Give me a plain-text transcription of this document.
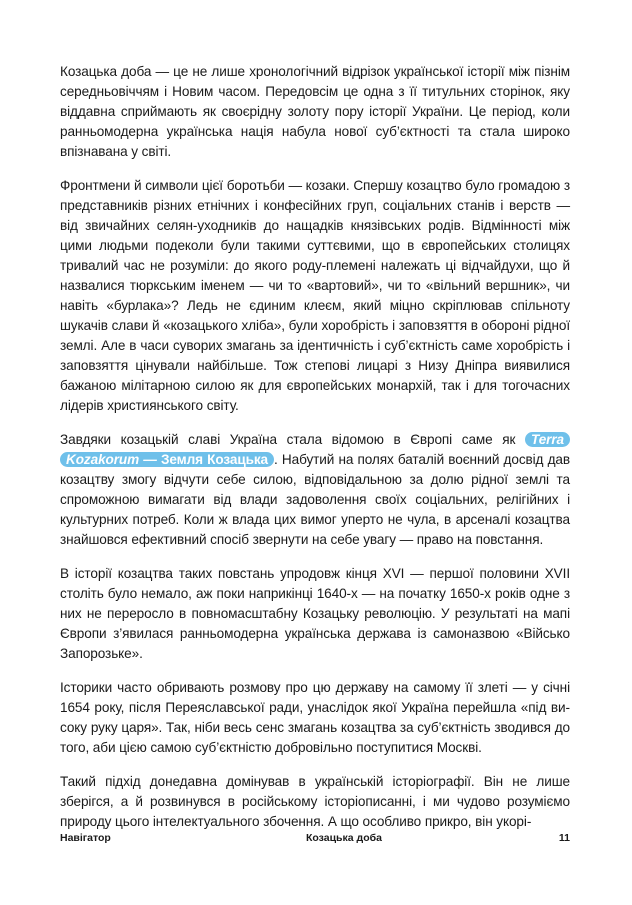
Козацька доба — це не лише хронологічний відрізок української історії між пізнім середньовіччям і Новим часом. Передовсім це одна з її титульних сторінок, яку віддавна сприймають як своєрідну золоту пору історії України. Це період, коли ранньомодерна українська нація набула нової суб’єктності та стала широко впізнавана у світі.

Фронтмени й символи цієї боротьби — козаки. Спершу козацтво було громадою з представників різних етнічних і конфесійних груп, соціальних станів і верств — від звичайних селян-уходників до нащадків князівських родів. Відмінності між цими людьми подеколи були такими суттєвими, що в європейських столицях тривалий час не розуміли: до якого роду-племені належать ці відчайдухи, що й назвалися тюркським іменем — чи то «вартовий», чи то «вільний вершник», чи навіть «бурлака»? Ледь не єдиним клеєм, який міцно скріплював спільноту шукачів слави й «козацького хліба», були хоробрість і заповзяття в обороні рідної землі. Але в часи суворих змагань за ідентичність і суб’єктність саме хоробрість і заповзяття цінували найбільше. Тож степові лицарі з Низу Дніпра виявилися бажаною мілітарною силою як для європейських монархій, так і для тогочасних лідерів християнського світу.

Завдяки козацькій славі Україна стала відомою в Європі саме як Terra Kozakorum — Земля Козацька . Набутий на полях баталій воєнний досвід дав козацтву змогу відчути себе силою, відповідальною за долю рідної землі та спроможною вимагати від влади задоволення своїх соціальних, релігійних і культурних потреб. Коли ж влада цих вимог уперто не чула, в арсеналі козацтва знайшовся ефективний спосіб звернути на себе увагу — право на повстання.

В історії козацтва таких повстань упродовж кінця XVI — першої половини XVII століть було немало, аж поки наприкінці 1640-х — на початку 1650-х років одне з них не переросло в повномасштабну Козацьку революцію. У результаті на мапі Європи з’явилася ранньомодерна українська держава із самоназвою «Військо Запорозьке».

Історики часто обривають розмову про цю державу на самому її злеті — у січні 1654 року, після Переяславської ради, унаслідок якої Україна перейшла «під високу руку царя». Так, ніби весь сенс змагань козацтва за суб’єктність зводився до того, аби цією самою суб’єктністю добровільно поступитися Москві.

Такий підхід донедавна домінував в українській історіографії. Він не лише зберігся, а й розвинувся в російському історіописанні, і ми чудово розуміємо природу цього інтелектуального збочення. А що особливо прикро, він укорі-

Навігатор	Козацька доба	11
